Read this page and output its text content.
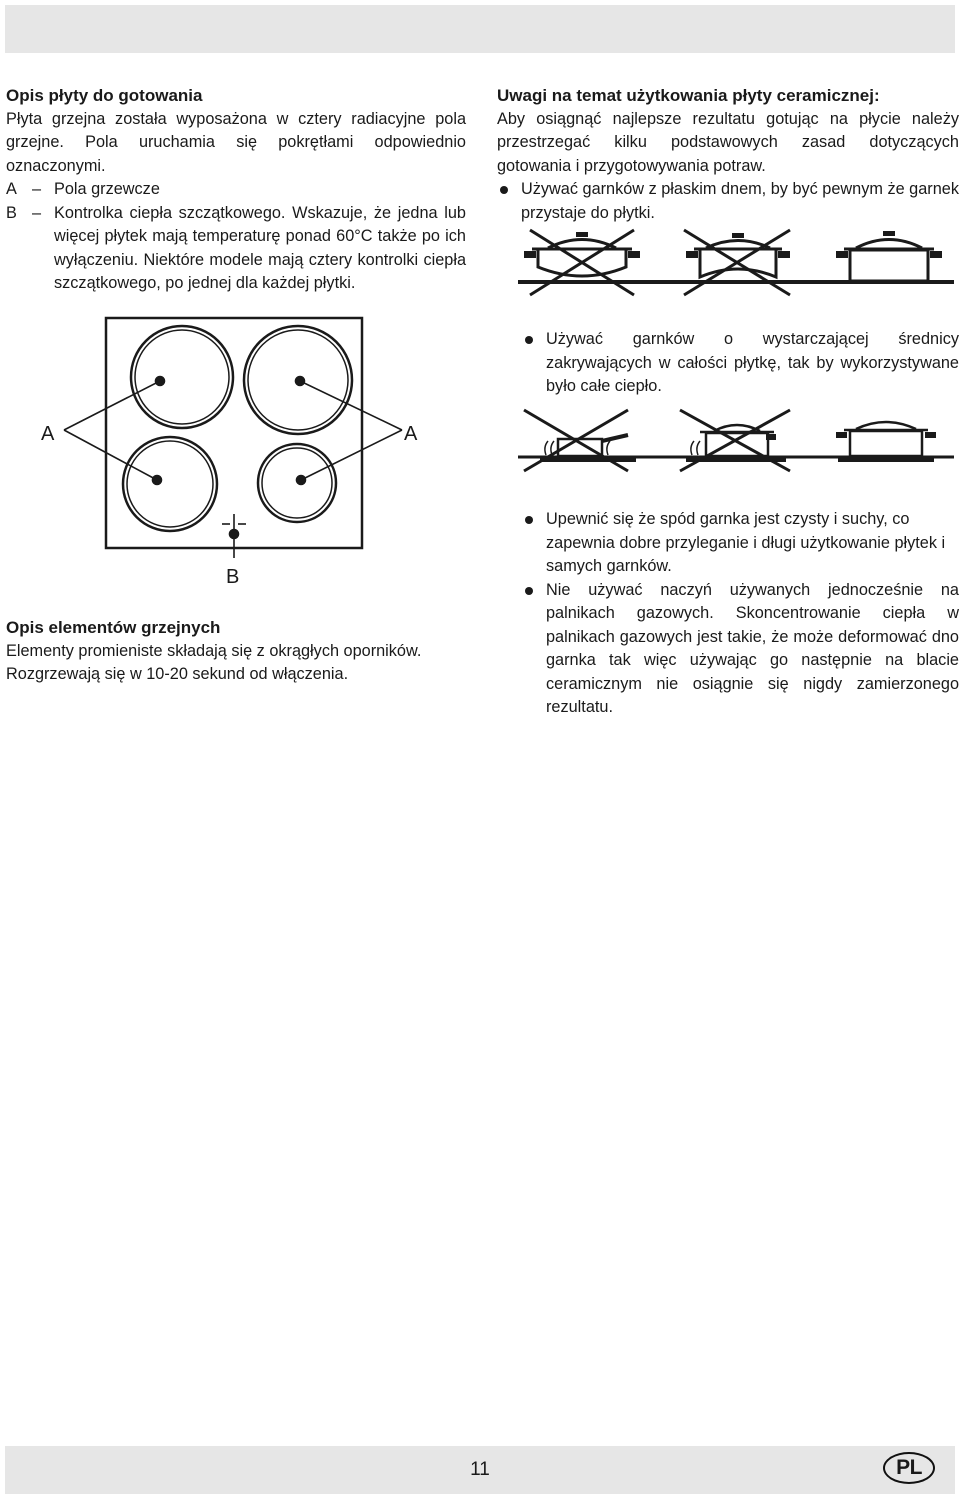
Opis płyty do gotowania
Płyta grzejna została wyposażona w cztery radiacyjne pola grzejne. Pola uruchamia się pokrętłami odpowiednio oznaczonymi.
A – Pola grzewcze
B – Kontrolka ciepła szczątkowego. Wskazuje, że jedna lub więcej płytek mają temperaturę ponad 60°C także po ich wyłączeniu. Niektóre modele mają cztery kontrolki ciepła szczątkowego, po jednej dla każdej płytki.
A	A
B
Opis elementów grzejnych
Elementy promieniste składają się z okrągłych oporników. Rozgrzewają się w 10-20 sekund od włączenia.
Uwagi na temat użytkowania płyty ceramicznej:
Aby osiągnąć najlepsze rezultatu gotując na płycie należy przestrzegać kilku podstawowych zasad dotyczących gotowania i przygotowywania potraw.
Używać garnków z płaskim dnem, by być pewnym że garnek przystaje do płytki.
Używać garnków o wystarczającej średnicy zakrywających w całości płytkę, tak by wykorzystywane było całe ciepło.
Upewnić się że spód garnka jest czysty i suchy, co zapewnia dobre przyleganie i długi użytkowanie płytek i samych garnków.
Nie używać naczyń używanych jednocześnie na palnikach gazowych. Skoncentrowanie ciepła w palnikach gazowych jest takie, że może deformować dno garnka tak więc używając go następnie na blacie ceramicznym nie osiągnie się nigdy zamierzonego rezultatu.
11	PL
